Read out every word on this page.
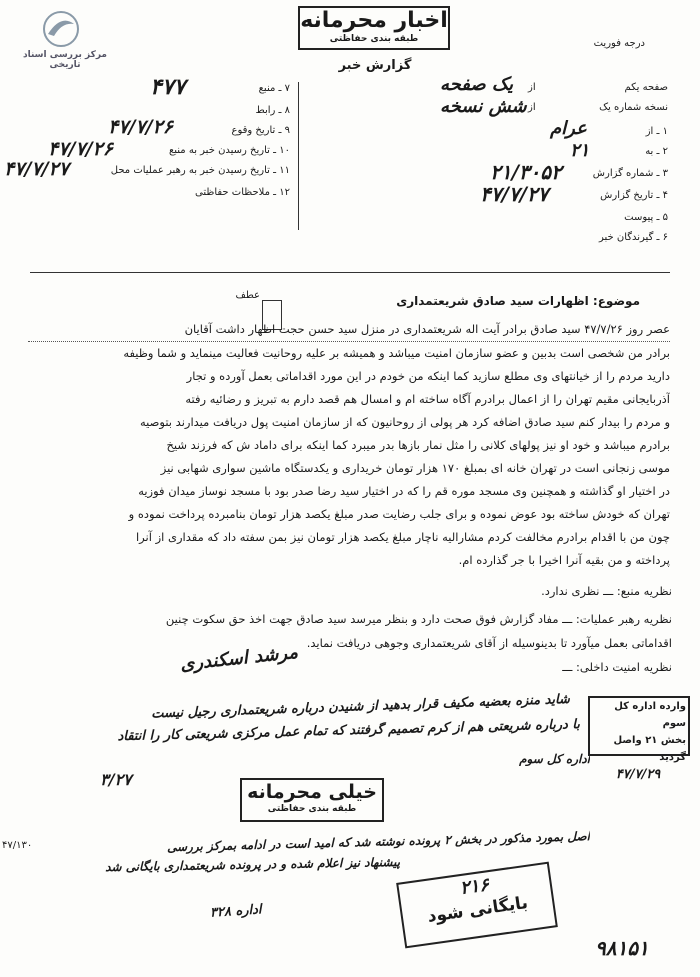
مرکز بررسی اسناد تاریخی
اخبار محرمانه
طبقه بندی حفاظتی	درجه فوریت
گزارش خبر
۷ ـ منبع
۴۷۷
۸ ـ رابط
۹ ـ تاریخ وقوع
۴۷/۷/۲۶
۱۰ ـ تاریخ رسیدن خبر به منبع
۴۷/۷/۲۶
۱۱ ـ تاریخ رسیدن خبر به رهبر عملیات محل
۴۷/۷/۲۷
۱۲ ـ ملاحظات حفاظتی
صفحه یکم
از
یک صفحه
نسخه شماره یک
از
شش نسخه
۱ ـ از
عرام
۲ ـ به
۲۱
۳ ـ شماره گزارش
۲۱/۳۰۵۲
۴ ـ تاریخ گزارش
۴۷/۷/۲۷
۵ ـ پیوست
۶ ـ گیرندگان خبر
عطف	موضوع: اظهارات سید صادق شریعتمداری
عصر روز ۴۷/۷/۲۶ سید صادق برادر آیت اله شریعتمداری در منزل سید حسن حجت اظهار داشت آقایان
برادر من شخصی است بدبین و عضو سازمان امنیت میباشد و همیشه بر علیه روحانیت فعالیت مینماید و شما وظیفه
دارید مردم را از خیانتهای وی مطلع سازید کما اینکه من خودم در این مورد اقداماتی بعمل آورده و تجار
آذربایجانی مقیم تهران را از اعمال برادرم آگاه ساخته ام و امسال هم قصد دارم به تبریز و رضائیه رفته
و مردم را بیدار کنم سید صادق اضافه کرد هر پولی از روحانیون که از سازمان امنیت پول دریافت میدارند بتوصیه
برادرم میباشد و خود او نیز پولهای کلانی را مثل نمار بازها بدر میبرد کما اینکه برای داماد ش که فرزند شیخ
موسی زنجانی است در تهران خانه ای بمبلغ ۱۷۰ هزار تومان خریداری و یکدستگاه ماشین سواری شهابی نیز
در اختیار او گذاشته و همچنین وی مسجد موره قم را که در اختیار سید رضا صدر بود با مسجد نوساز میدان فوزیه
تهران که خودش ساخته بود عوض نموده و برای جلب رضایت صدر مبلغ یکصد هزار تومان بنامبرده پرداخت نموده و
چون من با اقدام برادرم مخالفت کردم مشارالیه ناچار مبلغ یکصد هزار تومان نیز بمن سفته داد که مقداری از آنرا
پرداخته و من بقیه آنرا اخیرا با جر گذارده ام.
نظریه منبع: ـــ نظری ندارد.
نظریه رهبر عملیات: ـــ مفاد گزارش فوق صحت دارد و بنظر میرسد سید صادق جهت اخذ حق سکوت چنین
اقداماتی بعمل میآورد تا بدینوسیله از آقای شریعتمداری وجوهی دریافت نماید.
نظریه امنیت داخلی: ـــ
مرشد اسکندری
شاید منزه بعضیه مکیف قرار بدهید از شنیدن درباره شریعتمداری رجیل نیست
با درباره شریعتی هم از کرم تصمیم گرفتند که تمام عمل مرکزی شریعتی کار را انتقاد
اداره کل سوم
وارده اداره کل سوم
بخش ۲۱ واصل گردید
۴۷/۷/۲۹
۳/۲۷
خیلی محرمانه
طبقه بندی حفاظتی
اصل بمورد مذکور در بخش ۲ پرونده نوشته شد که امید است در ادامه بمرکز بررسی
پیشنهاد نیز اعلام شده و در پرونده شریعتمداری بایگانی شد
۴۷/۱۳۰
۲۱۶
بایگانی شود
اداره ۳۲۸
۹۸۱۵۱
